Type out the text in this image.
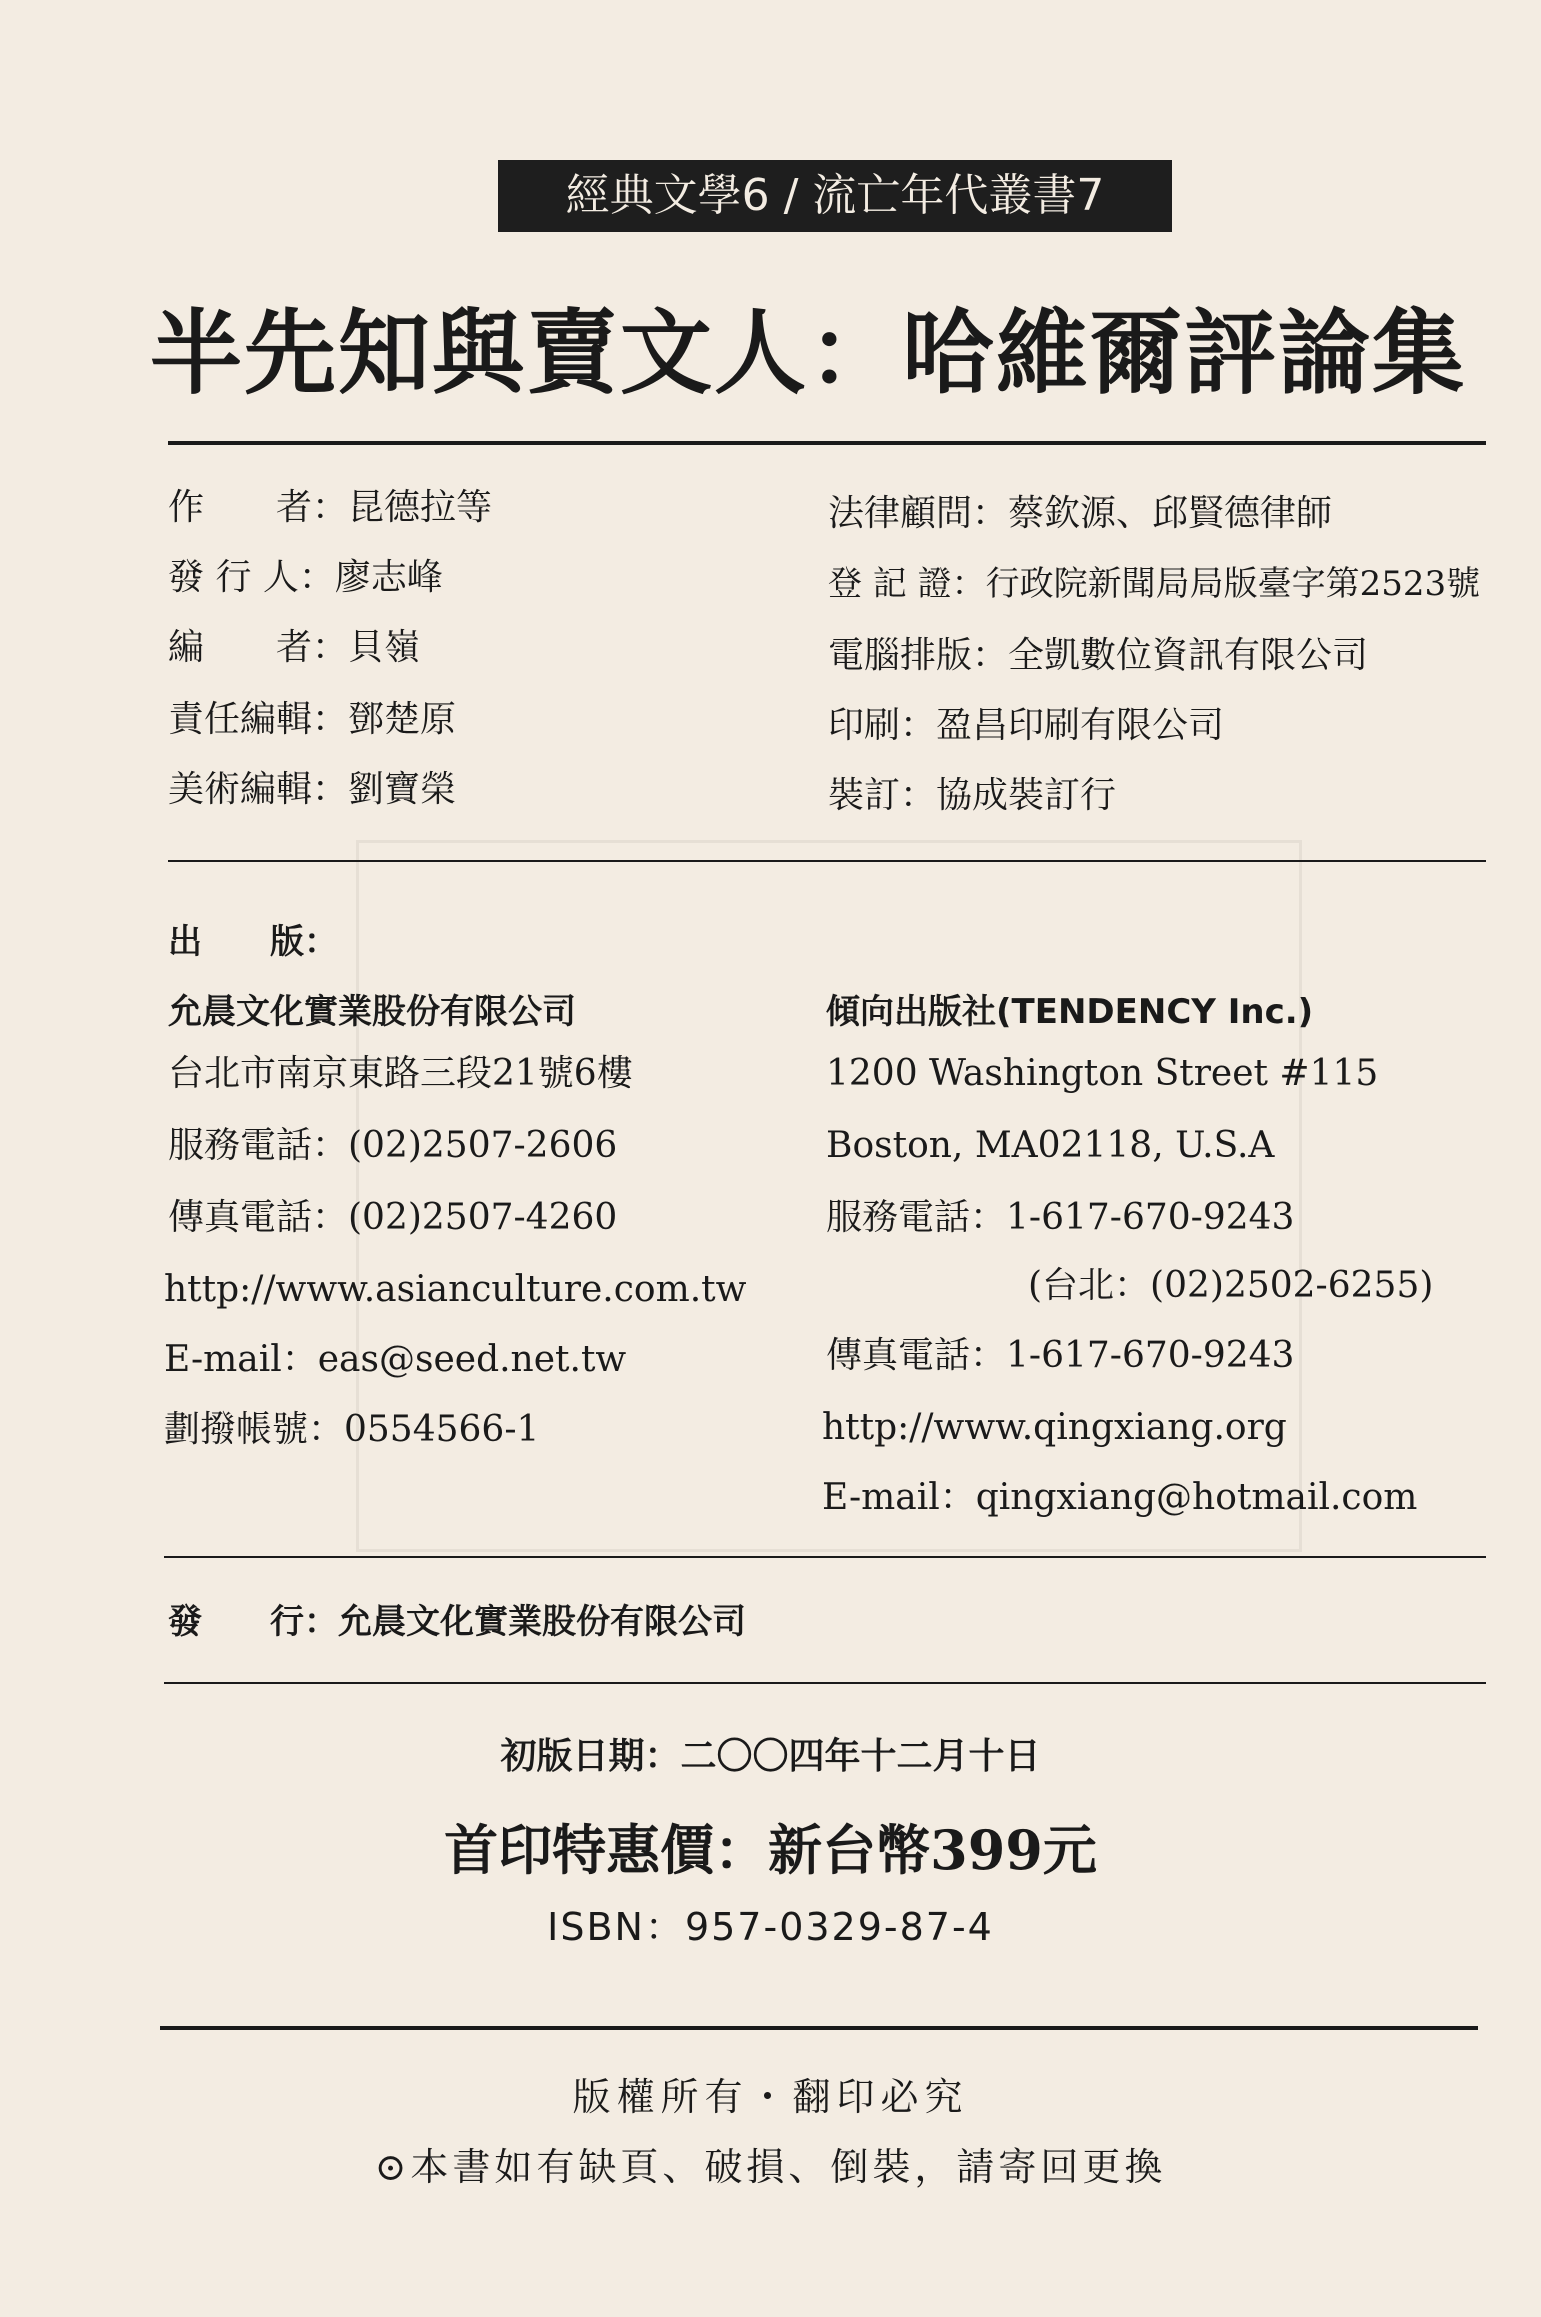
經典文學6 / 流亡年代叢書7
半先知與賣文人：哈維爾評論集
作　　者：昆德拉等
發 行 人：廖志峰
編　　者：貝嶺
責任編輯：鄧楚原
美術編輯：劉寶榮
法律顧問：蔡欽源、邱賢德律師
登 記 證：行政院新聞局局版臺字第2523號
電腦排版：全凱數位資訊有限公司
印刷：盈昌印刷有限公司
裝訂：協成裝訂行
出　　版：
允晨文化實業股份有限公司
台北市南京東路三段21號6樓
服務電話：(02)2507-2606
傳真電話：(02)2507-4260
http://www.asianculture.com.tw
E-mail：eas@seed.net.tw
劃撥帳號：0554566-1
傾向出版社(TENDENCY Inc.)
1200 Washington Street #115
Boston, MA02118, U.S.A
服務電話：1-617-670-9243
(台北：(02)2502-6255)
傳真電話：1-617-670-9243
http://www.qingxiang.org
E-mail：qingxiang@hotmail.com
發　　行：允晨文化實業股份有限公司
初版日期：二〇〇四年十二月十日
首印特惠價：新台幣399元
ISBN：957-0329-87-4
版權所有・翻印必究
⊙本書如有缺頁、破損、倒裝，請寄回更換
